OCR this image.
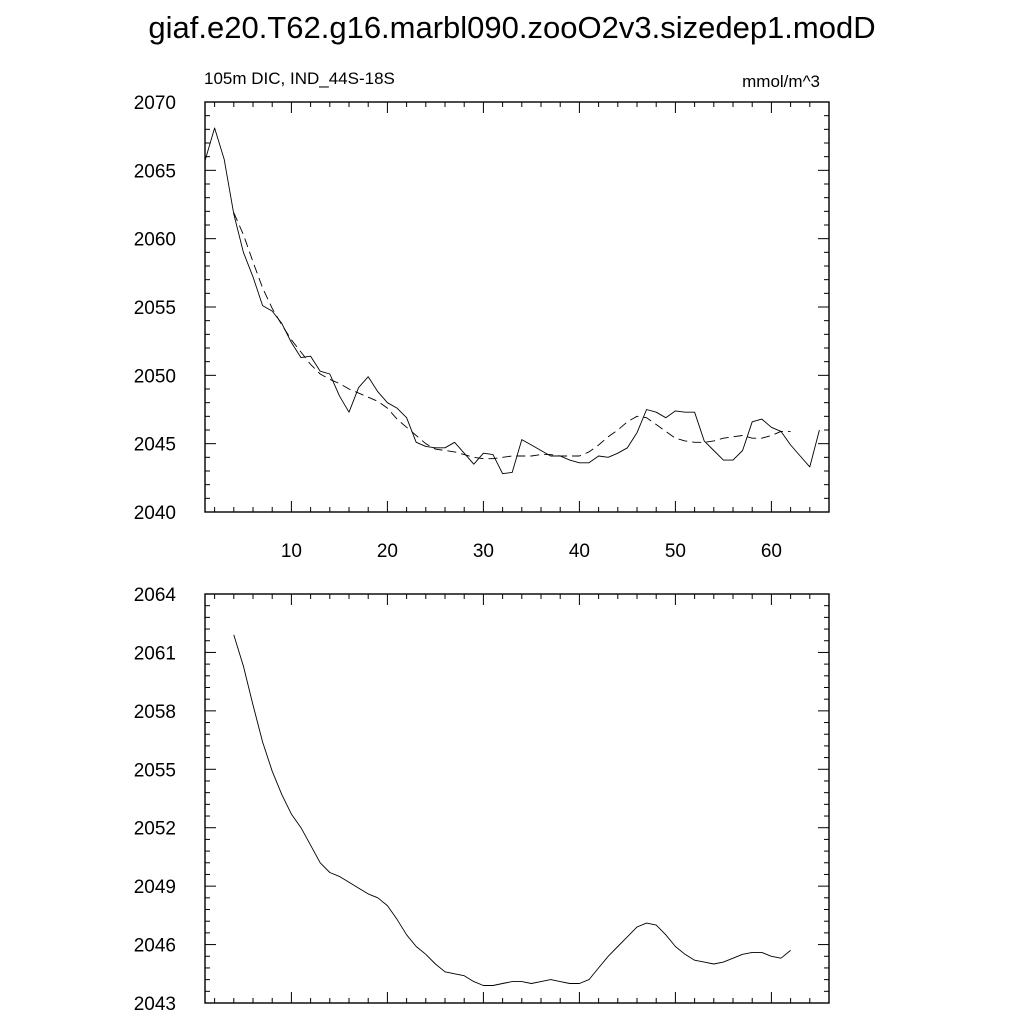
giaf.e20.T62.g16.marbl090.zooO2v3.sizedep1.modD
105m DIC, IND_44S-18S	mmol/m^3
10	20	30	40	50	60
2040
2045
2050
2055
2060
2065
2070
2043
2046
2049
2052
2055
2058
2061
2064
